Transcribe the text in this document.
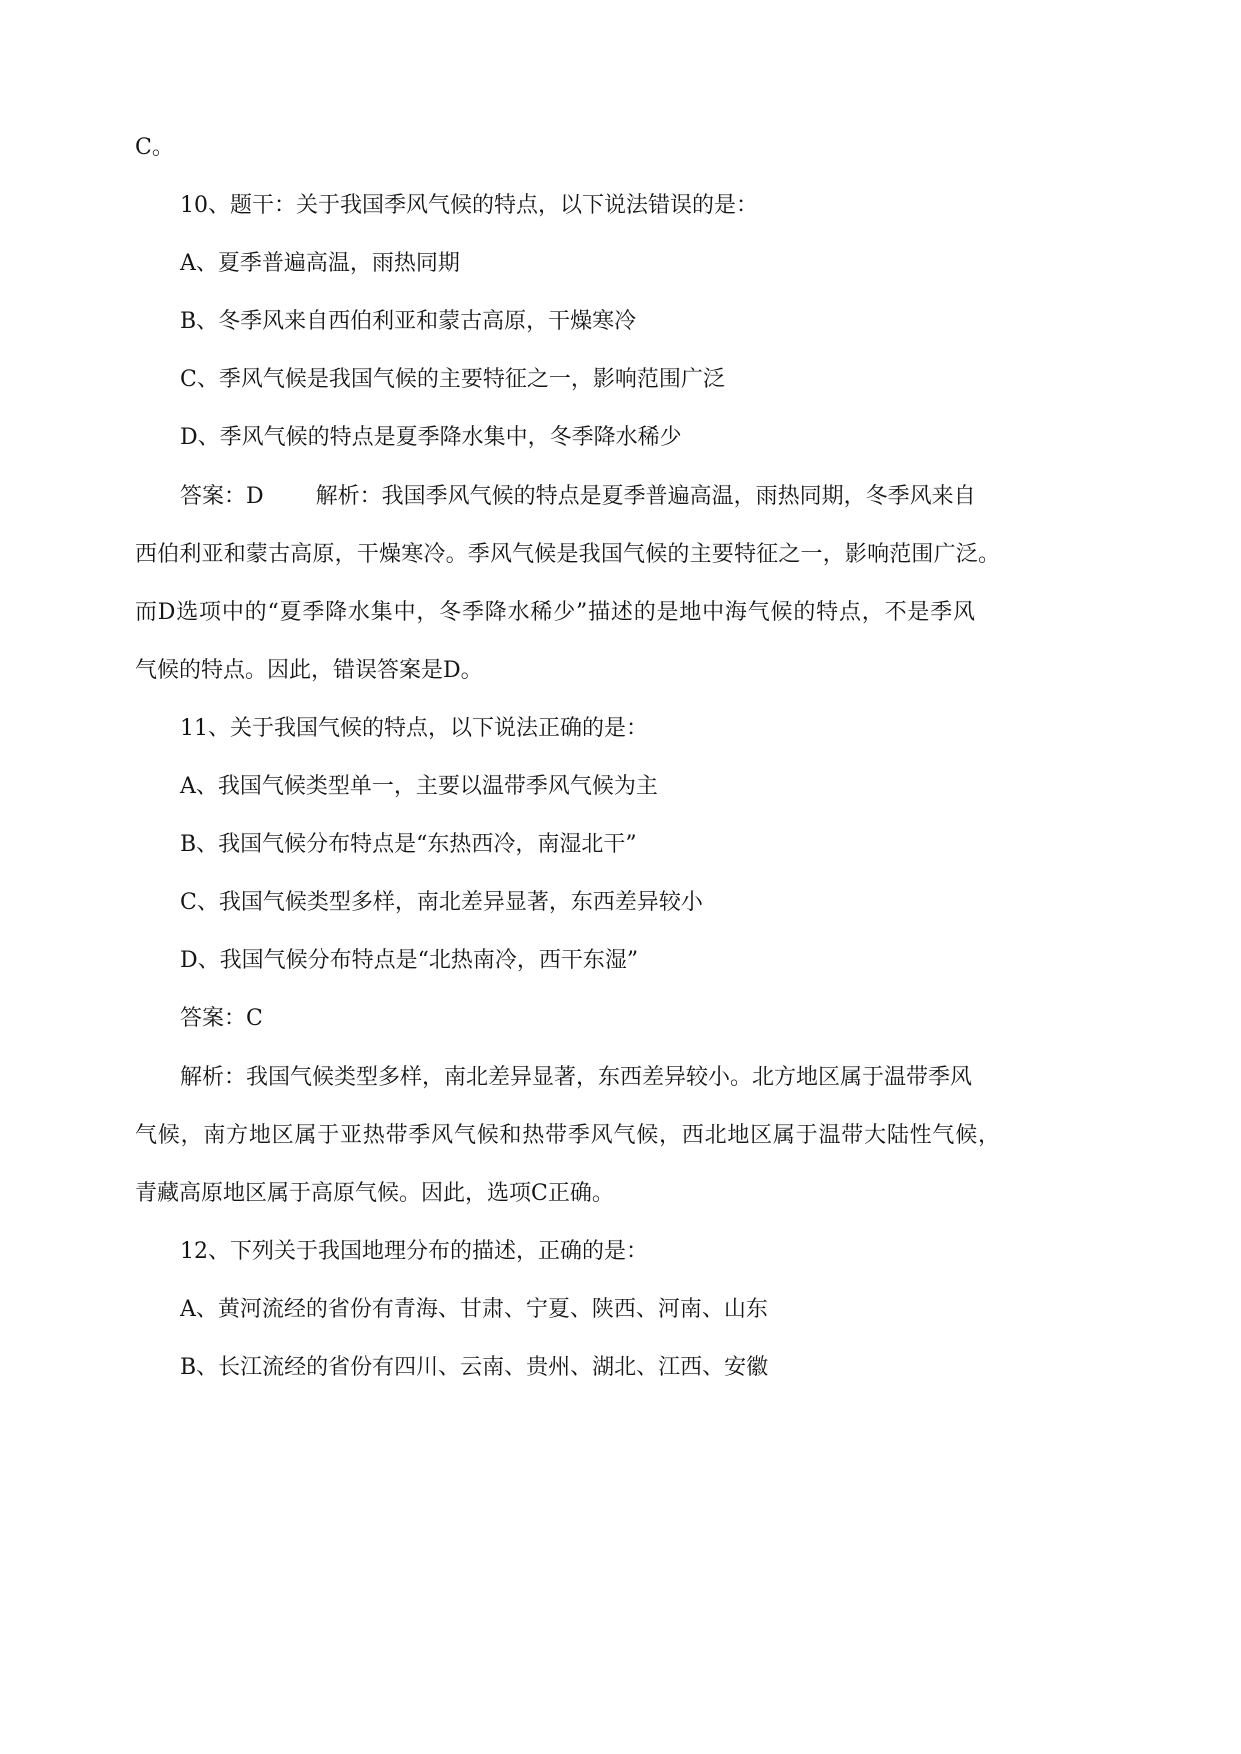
C。
10、题干：关于我国季风气候的特点，以下说法错误的是：
A、夏季普遍高温，雨热同期
B、冬季风来自西伯利亚和蒙古高原，干燥寒冷
C、季风气候是我国气候的主要特征之一，影响范围广泛
D、季风气候的特点是夏季降水集中，冬季降水稀少
答案：D 解析：我国季风气候的特点是夏季普遍高温，雨热同期，冬季风来自
西伯利亚和蒙古高原，干燥寒冷。季风气候是我国气候的主要特征之一，影响范围广泛。
而D选项中的“夏季降水集中，冬季降水稀少”描述的是地中海气候的特点，不是季风
气候的特点。因此，错误答案是D。
11、关于我国气候的特点，以下说法正确的是：
A、我国气候类型单一，主要以温带季风气候为主
B、我国气候分布特点是“东热西冷，南湿北干”
C、我国气候类型多样，南北差异显著，东西差异较小
D、我国气候分布特点是“北热南冷，西干东湿”
答案：C
解析：我国气候类型多样，南北差异显著，东西差异较小。北方地区属于温带季风
气候，南方地区属于亚热带季风气候和热带季风气候，西北地区属于温带大陆性气候，
青藏高原地区属于高原气候。因此，选项C正确。
12、下列关于我国地理分布的描述，正确的是：
A、黄河流经的省份有青海、甘肃、宁夏、陕西、河南、山东
B、长江流经的省份有四川、云南、贵州、湖北、江西、安徽
